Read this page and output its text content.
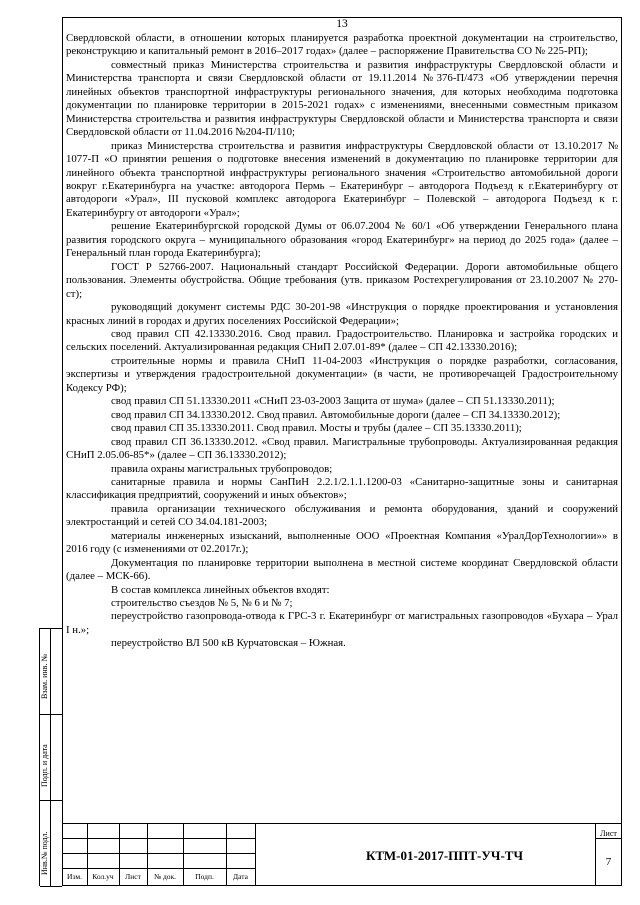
13

Свердловской области, в отношении которых планируется разработка проектной документации на строительство, реконструкцию и капитальный ремонт в 2016–2017 годах» (далее – распоряжение Правительства СО № 225-РП);

совместный приказ Министерства строительства и развития инфраструктуры Свердловской области и Министерства транспорта и связи Свердловской области от 19.11.2014 №376-П/473 «Об утверждении перечня линейных объектов транспортной инфраструктуры регионального значения, для которых необходима подготовка документации по планировке территории в 2015-2021 годах» с изменениями, внесенными совместным приказом Министерства строительства и развития инфраструктуры Свердловской области и Министерства транспорта и связи Свердловской области от 11.04.2016 №204-П/110;

приказ Министерства строительства и развития инфраструктуры Свердловской области от 13.10.2017 № 1077-П «О принятии решения о подготовке внесения изменений в документацию по планировке территории для линейного объекта транспортной инфраструктуры регионального значения «Строительство автомобильной дороги вокруг г.Екатеринбурга на участке: автодорога Пермь – Екатеринбург – автодорога Подъезд к г.Екатеринбургу от автодороги «Урал», III пусковой комплекс автодорога Екатеринбург – Полевской – автодорога Подъезд к г. Екатеринбургу от автодороги «Урал»;

решение Екатеринбургской городской Думы от 06.07.2004 № 60/1 «Об утверждении Генерального плана развития городского округа – муниципального образования «город Екатеринбург» на период до 2025 года» (далее – Генеральный план города Екатеринбурга);

ГОСТ Р 52766-2007. Национальный стандарт Российской Федерации. Дороги автомобильные общего пользования. Элементы обустройства. Общие требования (утв. приказом Ростехрегулирования от 23.10.2007 № 270-ст);

руководящий документ системы РДС 30-201-98 «Инструкция о порядке проектирования и установления красных линий в городах и других поселениях Российской Федерации»;

свод правил СП 42.13330.2016. Свод правил. Градостроительство. Планировка и застройка городских и сельских поселений. Актуализированная редакция СНиП 2.07.01-89* (далее – СП 42.13330.2016);

строительные нормы и правила СНиП 11-04-2003 «Инструкция о порядке разработки, согласования, экспертизы и утверждения градостроительной документации» (в части, не противоречащей Градостроительному Кодексу РФ);

свод правил СП 51.13330.2011 «СНиП 23-03-2003 Защита от шума» (далее – СП 51.13330.2011);

свод правил СП 34.13330.2012. Свод правил. Автомобильные дороги (далее – СП 34.13330.2012);

свод правил СП 35.13330.2011. Свод правил. Мосты и трубы (далее – СП 35.13330.2011);

свод правил СП 36.13330.2012. «Свод правил. Магистральные трубопроводы. Актуализированная редакция СНиП 2.05.06-85*» (далее – СП 36.13330.2012);

правила охраны магистральных трубопроводов;

санитарные правила и нормы СанПиН 2.2.1/2.1.1.1200-03 «Санитарно-защитные зоны и санитарная классификация предприятий, сооружений и иных объектов»;

правила организации технического обслуживания и ремонта оборудования, зданий и сооружений электростанций и сетей СО 34.04.181-2003;

материалы инженерных изысканий, выполненные ООО «Проектная Компания «УралДорТехнологии»» в 2016 году (с изменениями от 02.2017г.);

Документация по планировке территории выполнена в местной системе координат Свердловской области (далее – МСК-66).

В состав комплекса линейных объектов входят:

строительство съездов № 5, № 6 и № 7;

переустройство газопровода-отвода к ГРС-3 г. Екатеринбург от магистральных газопроводов «Бухара – Урал I н.»;

переустройство ВЛ 500 кВ Курчатовская – Южная.

Взам. инв. №
Подп. и дата
Инв.№ подл.
Изм.	Кол.уч	Лист	№ док.	Подп.	Дата
КТМ-01-2017-ППТ-УЧ-ТЧ
Лист
7
